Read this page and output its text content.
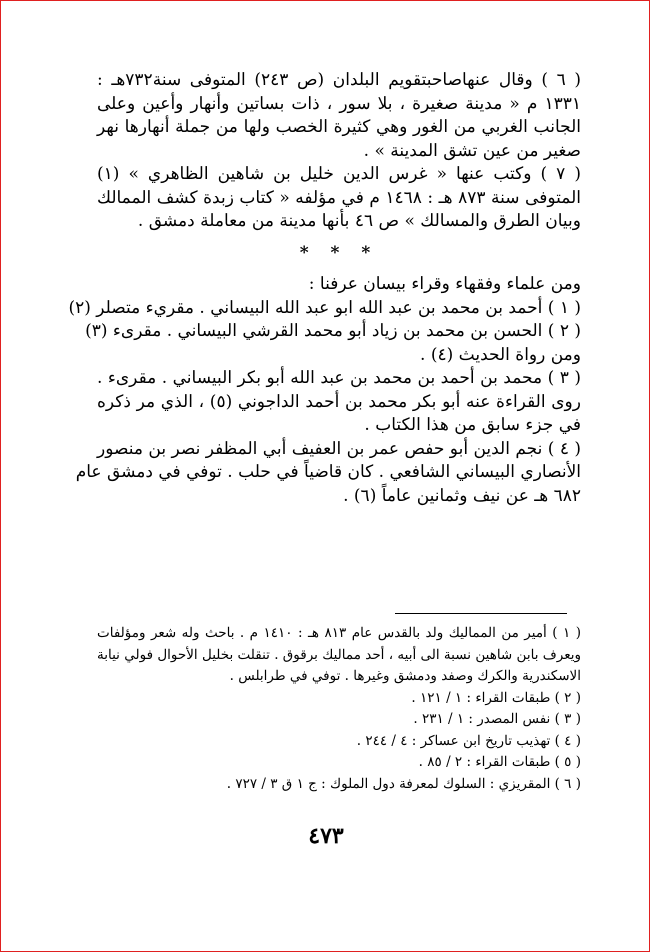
( ٦ ) وقال عنهاصاحبتقويم البلدان (ص ٢٤٣) المتوفى سنة٧٣٢هـ :
١٣٣١ م « مدينة صغيرة ، بلا سور ، ذات بساتين وأنهار وأعين وعلى
الجانب الغربي من الغور وهي كثيرة الخصب ولها من جملة أنهارها نهر
صغير من عين تشق المدينة » .
( ٧ ) وكتب عنها « غرس الدين خليل بن شاهين الظاهري » (١)
المتوفى سنة ٨٧٣ هـ : ١٤٦٨ م في مؤلفه « كتاب زبدة كشف الممالك
وبيان الطرق والمسالك » ص ٤٦ بأنها مدينة من معاملة دمشق .
* * *
ومن علماء وفقهاء وقراء بيسان عرفنا :
( ١ ) أحمد بن محمد بن عبد الله ابو عبد الله البيساني . مقريء متصلر (٢)
( ٢ ) الحسن بن محمد بن زياد أبو محمد القرشي البيساني . مقرىء (٣)
ومن رواة الحديث (٤) .
( ٣ ) محمد بن أحمد بن محمد بن عبد الله أبو بكر البيساني . مقرىء .
روى القراءة عنه أبو بكر محمد بن أحمد الداجوني (٥) ، الذي مر ذكره
في جزء سابق من هذا الكتاب .
( ٤ ) نجم الدين أبو حفص عمر بن العفيف أبي المظفر نصر بن منصور
الأنصاري البيساني الشافعي . كان قاضياً في حلب . توفي في دمشق عام
٦٨٢ هـ عن نيف وثمانين عاماً (٦) .
( ١ ) أمير من المماليك ولد بالقدس عام ٨١٣ هـ : ١٤١٠ م . باحث وله شعر ومؤلفات
ويعرف بابن شاهين نسبة الى أبيه ، أحد مماليك برقوق . تنقلت بخليل الأحوال فولي نيابة
الاسكندرية والكرك وصفد ودمشق وغيرها . توفي في طرابلس .
( ٢ ) طبقات القراء : ١ / ١٢١ .
( ٣ ) نفس المصدر : ١ / ٢٣١ .
( ٤ ) تهذيب تاريخ ابن عساكر : ٤ / ٢٤٤ .
( ٥ ) طبقات القراء : ٢ / ٨٥ .
( ٦ ) المقريزي : السلوك لمعرفة دول الملوك : ج ١ ق ٣ / ٧٢٧ .
٤٧٣
